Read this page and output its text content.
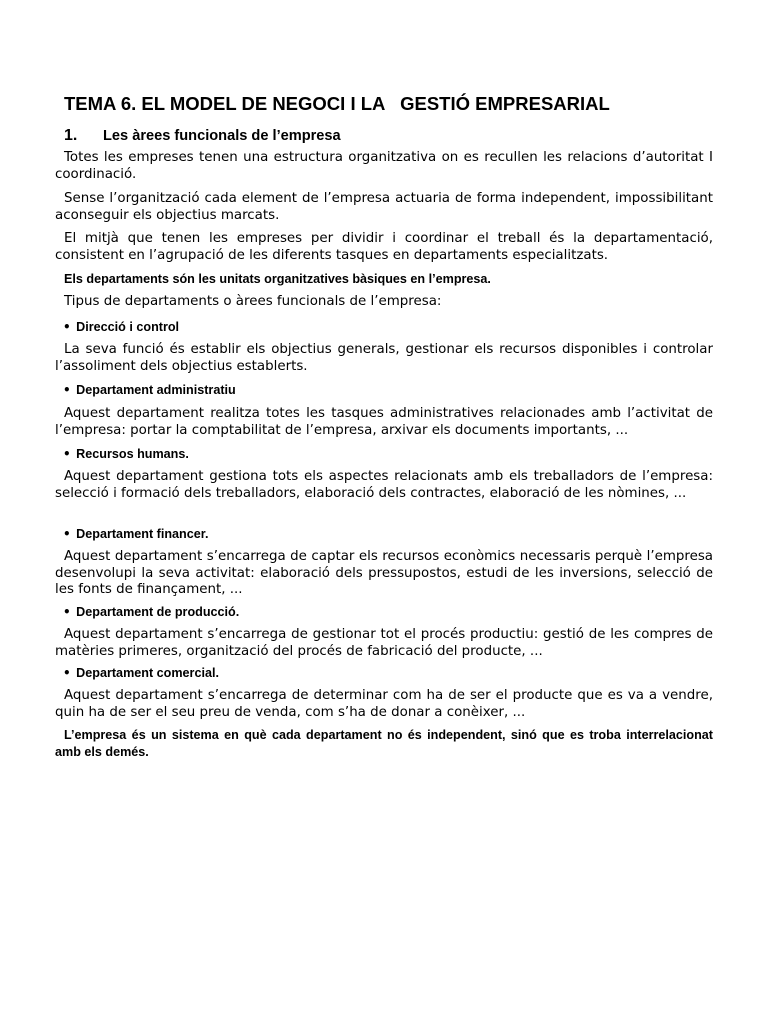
TEMA 6. EL MODEL DE NEGOCI I LA   GESTIÓ EMPRESARIAL
1. Les àrees funcionals de l’empresa
Totes les empreses tenen una estructura organitzativa on es recullen les relacions d’autoritat I coordinació.
Sense l’organització cada element de l’empresa actuaria de forma independent, impossibilitant aconseguir els objectius marcats.
El mitjà que tenen les empreses per dividir i coordinar el treball és la departamentació, consistent en l’agrupació de les diferents tasques en departaments especialitzats.
Els departaments són les unitats organitzatives bàsiques en l’empresa.
Tipus de departaments o àrees funcionals de l’empresa:
• Direcció i control
La seva funció és establir els objectius generals, gestionar els recursos disponibles i controlar l’assoliment dels objectius establerts.
• Departament administratiu
Aquest departament realitza totes les tasques administratives relacionades amb l’activitat de l’empresa: portar la comptabilitat de l’empresa, arxivar els documents importants, ...
• Recursos humans.
Aquest departament gestiona tots els aspectes relacionats amb els treballadors de l’empresa: selecció i formació dels treballadors, elaboració dels contractes, elaboració de les nòmines, ...
• Departament financer.
Aquest departament s’encarrega de captar els recursos econòmics necessaris perquè l’empresa desenvolupi la seva activitat: elaboració dels pressupostos, estudi de les inversions, selecció de les fonts de finançament, ...
• Departament de producció.
Aquest departament s’encarrega de gestionar tot el procés productiu: gestió de les compres de matèries primeres, organització del procés de fabricació del producte, ...
• Departament comercial.
Aquest departament s’encarrega de determinar com ha de ser el producte que es va a vendre, quin ha de ser el seu preu de venda, com s’ha de donar a conèixer, ...
L’empresa és un sistema en què cada departament no és independent, sinó que es troba interrelacionat amb els demés.
